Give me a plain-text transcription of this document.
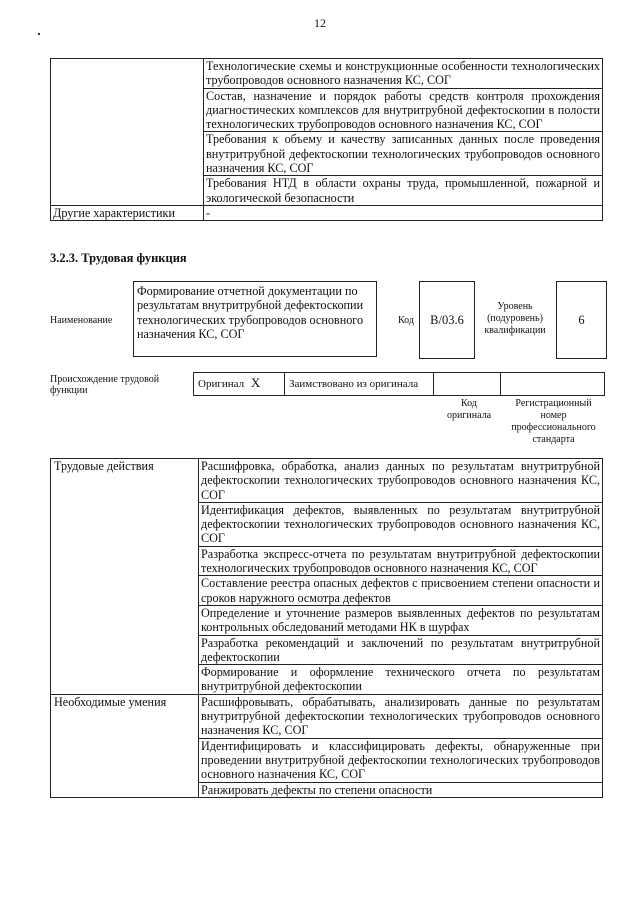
12
	Технологические схемы и конструкционные особенности технологических трубопроводов основного назначения КС, СОГ
	Состав, назначение и порядок работы средств контроля прохождения диагностических комплексов для внутритрубной дефектоскопии в полости технологических трубопроводов основного назначения КС, СОГ
	Требования к объему и качеству записанных данных после проведения внутритрубной дефектоскопии технологических трубопроводов основного назначения КС, СОГ
	Требования НТД в области охраны труда, промышленной, пожарной и экологической безопасности
Другие характеристики	-
3.2.3. Трудовая функция
Наименование
Формирование отчетной документации по результатам внутритрубной дефектоскопии технологических трубопроводов основного назначения КС, СОГ
Код	В/03.6
Уровень (подуровень) квалификации
6
Происхождение трудовой функции
Оригинал X	Заимствовано из оригинала		
Код оригинала
Регистрационный номер профессионального стандарта
Трудовые действия	Расшифровка, обработка, анализ данных по результатам внутритрубной дефектоскопии технологических трубопроводов основного назначения КС, СОГ
	Идентификация дефектов, выявленных по результатам внутритрубной дефектоскопии технологических трубопроводов основного назначения КС, СОГ
	Разработка экспресс-отчета по результатам внутритрубной дефектоскопии технологических трубопроводов основного назначения КС, СОГ
	Составление реестра опасных дефектов с присвоением степени опасности и сроков наружного осмотра дефектов
	Определение и уточнение размеров выявленных дефектов по результатам контрольных обследований методами НК в шурфах
	Разработка рекомендаций и заключений по результатам внутритрубной дефектоскопии
	Формирование и оформление технического отчета по результатам внутритрубной дефектоскопии
Необходимые умения	Расшифровывать, обрабатывать, анализировать данные по результатам внутритрубной дефектоскопии технологических трубопроводов основного назначения КС, СОГ
	Идентифицировать и классифицировать дефекты, обнаруженные при проведении внутритрубной дефектоскопии технологических трубопроводов основного назначения КС, СОГ
	Ранжировать дефекты по степени опасности
